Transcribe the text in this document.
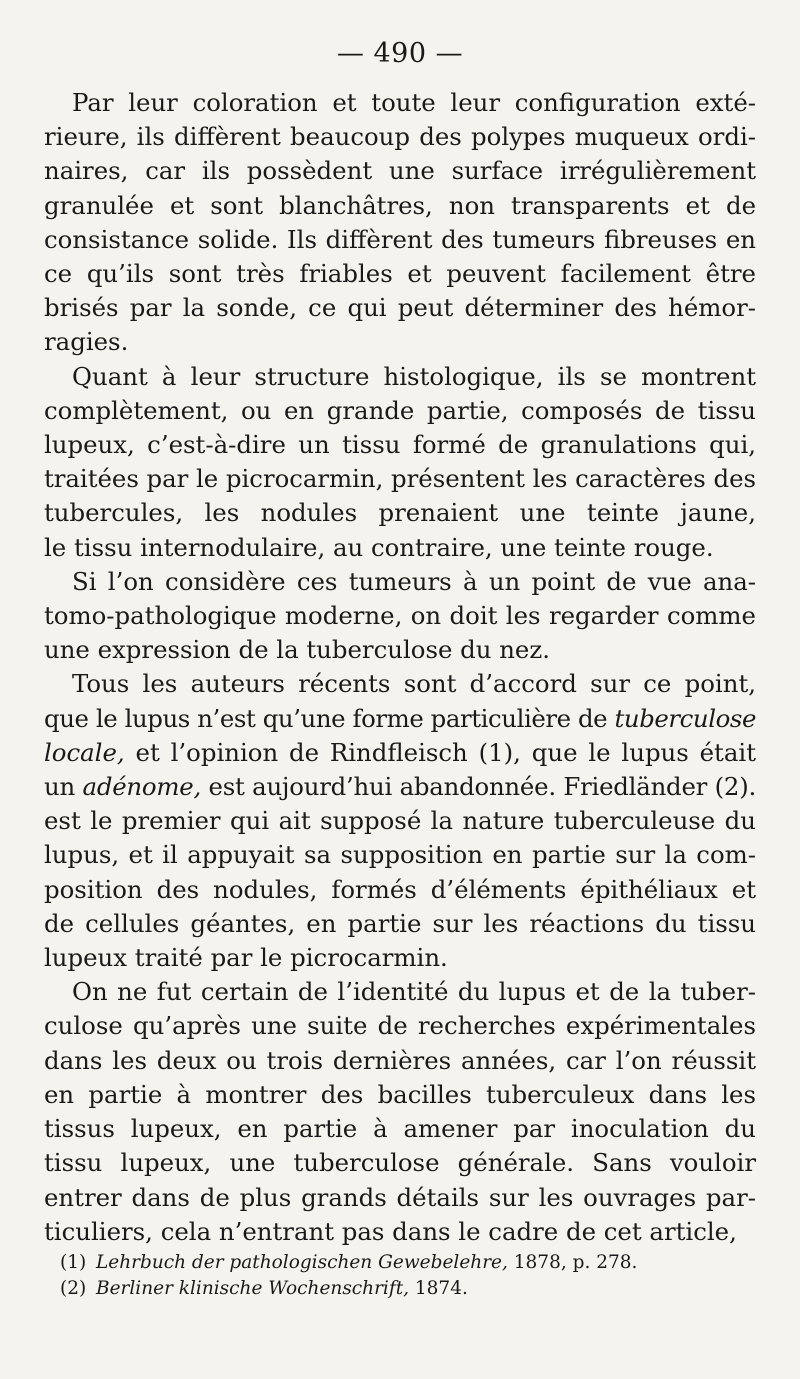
— 490 —
Par leur coloration et toute leur configuration exté-
rieure, ils diffèrent beaucoup des polypes muqueux ordi-
naires, car ils possèdent une surface irrégulièrement
granulée et sont blanchâtres, non transparents et de
consistance solide. Ils diffèrent des tumeurs fibreuses en
ce qu’ils sont très friables et peuvent facilement être
brisés par la sonde, ce qui peut déterminer des hémor-
ragies.
Quant à leur structure histologique, ils se montrent
complètement, ou en grande partie, composés de tissu
lupeux, c’est-à-dire un tissu formé de granulations qui,
traitées par le picrocarmin, présentent les caractères des
tubercules, les nodules prenaient une teinte jaune,
le tissu internodulaire, au contraire, une teinte rouge.
Si l’on considère ces tumeurs à un point de vue ana-
tomo-pathologique moderne, on doit les regarder comme
une expression de la tuberculose du nez.
Tous les auteurs récents sont d’accord sur ce point,
que le lupus n’est qu’une forme particulière de tuberculose
locale, et l’opinion de Rindfleisch (1), que le lupus était
un adénome, est aujourd’hui abandonnée. Friedländer (2).
est le premier qui ait supposé la nature tuberculeuse du
lupus, et il appuyait sa supposition en partie sur la com-
position des nodules, formés d’éléments épithéliaux et
de cellules géantes, en partie sur les réactions du tissu
lupeux traité par le picrocarmin.
On ne fut certain de l’identité du lupus et de la tuber-
culose qu’après une suite de recherches expérimentales
dans les deux ou trois dernières années, car l’on réussit
en partie à montrer des bacilles tuberculeux dans les
tissus lupeux, en partie à amener par inoculation du
tissu lupeux, une tuberculose générale. Sans vouloir
entrer dans de plus grands détails sur les ouvrages par-
ticuliers, cela n’entrant pas dans le cadre de cet article,
(1) Lehrbuch der pathologischen Gewebelehre, 1878, p. 278.
(2) Berliner klinische Wochenschrift, 1874.
